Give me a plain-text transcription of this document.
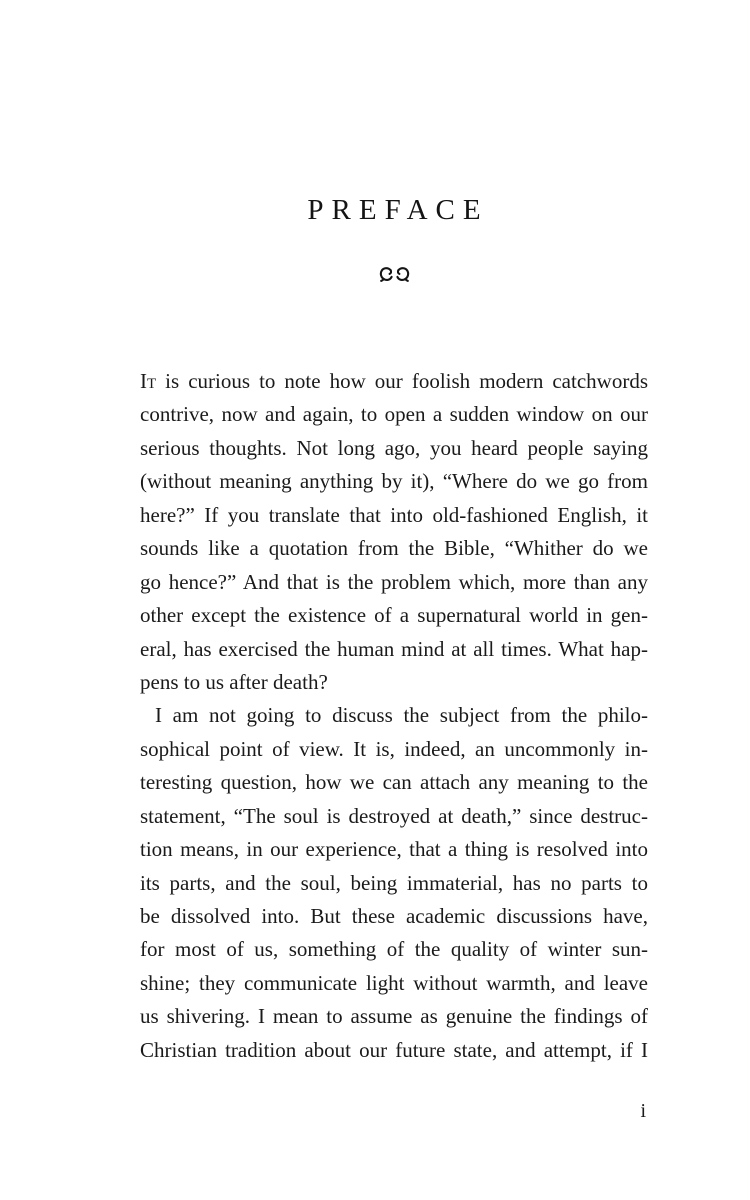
PREFACE
It is curious to note how our foolish modern catchwords
contrive, now and again, to open a sudden window on our
serious thoughts. Not long ago, you heard people saying
(without meaning anything by it), “Where do we go from
here?” If you translate that into old-fashioned English, it
sounds like a quotation from the Bible, “Whither do we
go hence?” And that is the problem which, more than any
other except the existence of a supernatural world in gen-
eral, has exercised the human mind at all times. What hap-
pens to us after death?
I am not going to discuss the subject from the philo-
sophical point of view. It is, indeed, an uncommonly in-
teresting question, how we can attach any meaning to the
statement, “The soul is destroyed at death,” since destruc-
tion means, in our experience, that a thing is resolved into
its parts, and the soul, being immaterial, has no parts to
be dissolved into. But these academic discussions have,
for most of us, something of the quality of winter sun-
shine; they communicate light without warmth, and leave
us shivering. I mean to assume as genuine the findings of
Christian tradition about our future state, and attempt, if I
i
